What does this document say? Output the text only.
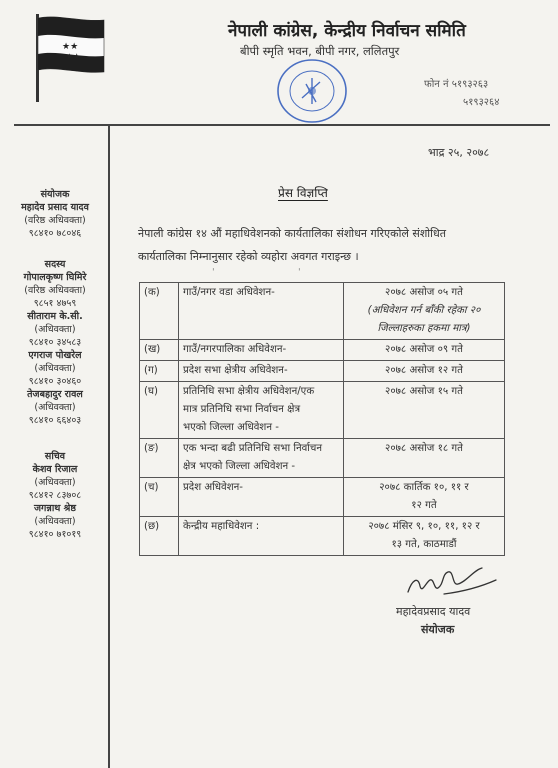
★★
★★
नेपाली कांग्रेस, केन्द्रीय निर्वाचन समिति
बीपी स्मृति भवन, बीपी नगर, ललितपुर
फोन नं ५१९३२६३
५१९३२६४
भाद्र २५, २०७८
संयोजक
महादेव प्रसाद यादव
(वरिष्ठ अधिवक्ता)
९८४१० ७८०४६
सदस्य
गोपालकृष्ण घिमिरे
(वरिष्ठ अधिवक्ता)
९८५१ ४७५९
सीताराम के.सी.
(अधिवक्ता)
९८४१० ३४५८३
एगराज पोखरेल
(अधिवक्ता)
९८४१० ३०४६०
तेजबहादुर रावल
(अधिवक्ता)
९८४१० ६६४०३
सचिव
केशव रिजाल
(अधिवक्ता)
९८४१२ ८३७०८
जगन्नाथ श्रेष्ठ
(अधिवक्ता)
९८४१० ७१०१९
प्रेस विज्ञप्ति
नेपाली कांग्रेस १४ औं महाधिवेशनको कार्यतालिका संशोधन गरिएकोले संशोधित
कार्यतालिका निम्नानुसार रहेको व्यहोरा अवगत गराइन्छ ।
ˈ	ˈ
(क)	गाउँ/नगर वडा अधिवेशन-	२०७८ असोज ०५ गते
(अधिवेशन गर्न बाँकी रहेका २०
जिल्लाहरुका हकमा मात्र)

(ख)	गाउँ/नगरपालिका अधिवेशन-	२०७८ असोज ०९ गते
(ग)	प्रदेश सभा क्षेत्रीय अधिवेशन-	२०७८ असोज १२ गते
(घ)	प्रतिनिधि सभा क्षेत्रीय अधिवेशन/एक
मात्र प्रतिनिधि सभा निर्वाचन क्षेत्र
भएको जिल्ला अधिवेशन -	२०७८ असोज १५ गते
(ङ)	एक भन्दा बढी प्रतिनिधि सभा निर्वाचन
क्षेत्र भएको जिल्ला अधिवेशन -	२०७८ असोज १८ गते
(च)	प्रदेश अधिवेशन-	२०७८ कार्तिक १०, ११ र
१२ गते

(छ)	केन्द्रीय महाधिवेशन :	२०७८ मंसिर ९, १०, ११, १२ र
१३ गते, काठमाडौं
महादेवप्रसाद यादव
संयोजक
